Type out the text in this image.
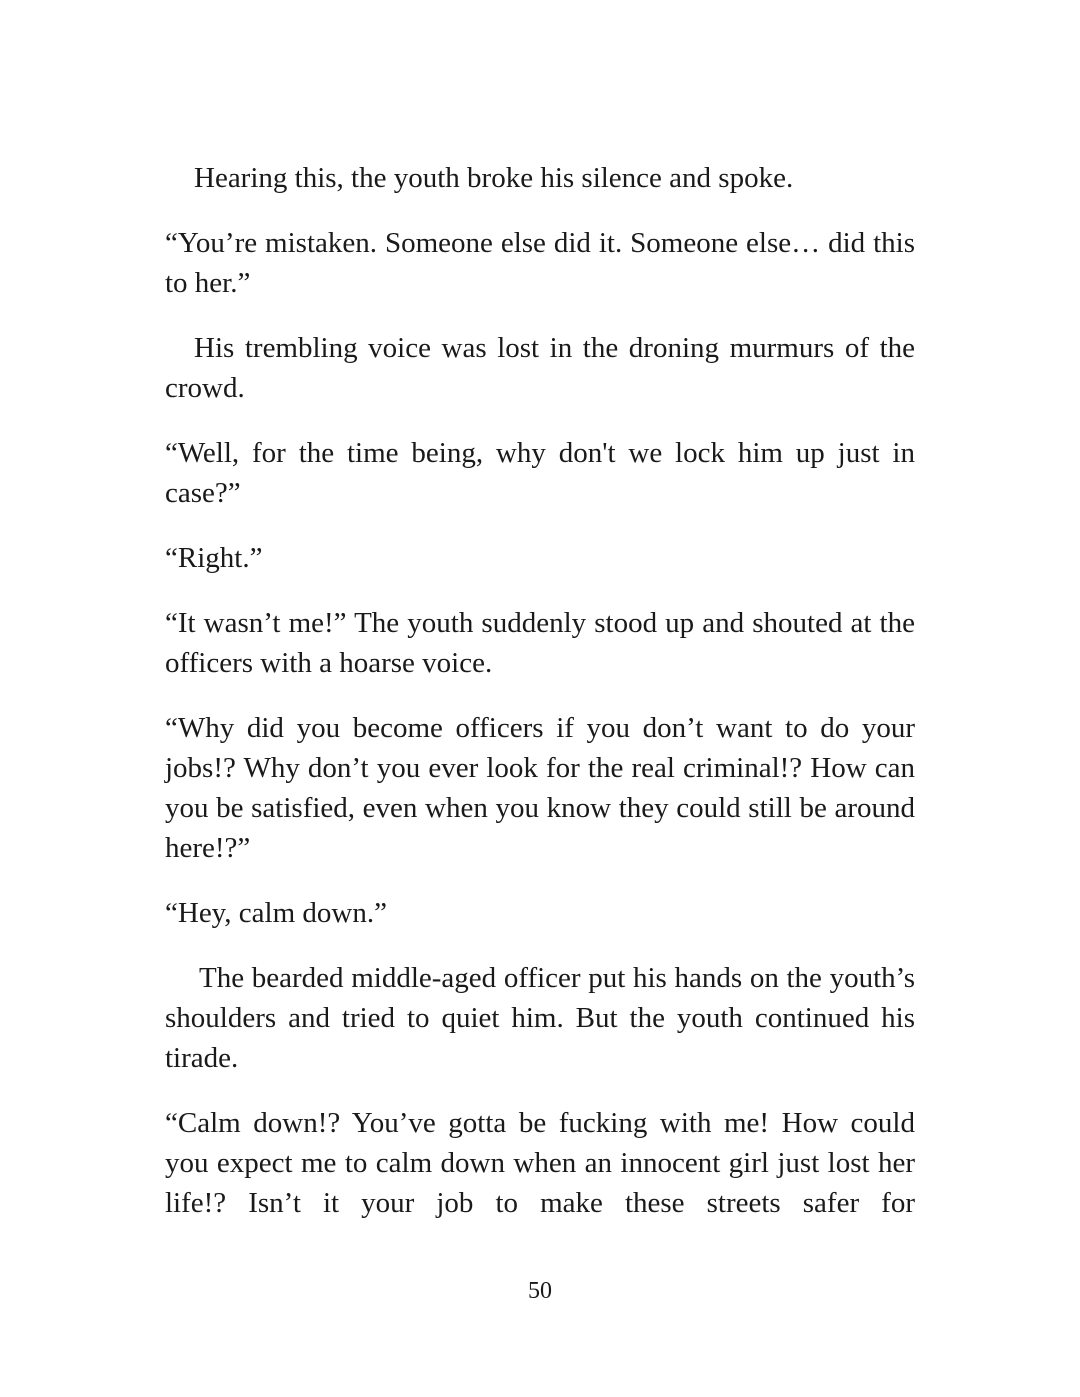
Hearing this, the youth broke his silence and spoke.

“You’re mistaken. Someone else did it. Someone else… did this to her.”

His trembling voice was lost in the droning murmurs of the crowd.

“Well, for the time being, why don't we lock him up just in case?”

“Right.”

“It wasn’t me!” The youth suddenly stood up and shouted at the officers with a hoarse voice.

“Why did you become officers if you don’t want to do your jobs!? Why don’t you ever look for the real criminal!? How can you be satisfied, even when you know they could still be around here!?”

“Hey, calm down.”

The bearded middle-aged officer put his hands on the youth’s shoulders and tried to quiet him. But the youth continued his tirade.

“Calm down!? You’ve gotta be fucking with me! How could you expect me to calm down when an innocent girl just lost her life!? Isn’t it your job to make these streets safer for

50
